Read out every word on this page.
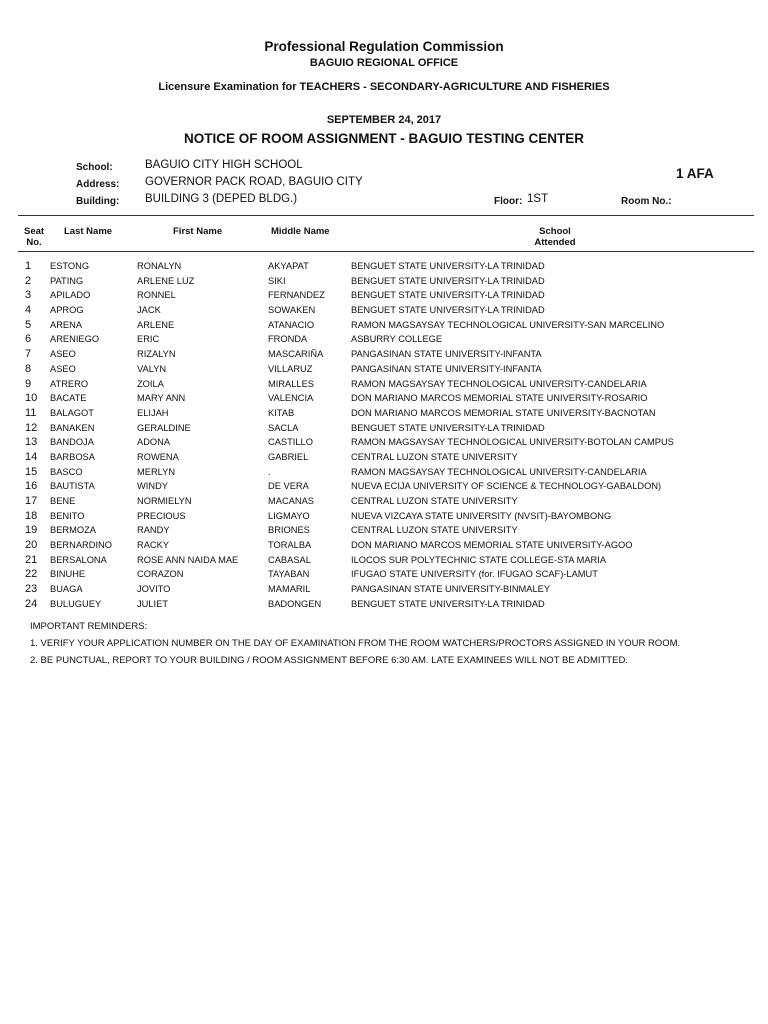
Professional Regulation Commission
BAGUIO REGIONAL OFFICE
Licensure Examination for TEACHERS - SECONDARY-AGRICULTURE AND FISHERIES
SEPTEMBER 24, 2017
NOTICE OF ROOM ASSIGNMENT - BAGUIO TESTING CENTER
School:	BAGUIO CITY HIGH SCHOOL
Address: GOVERNOR PACK ROAD, BAGUIO CITY
Building: BUILDING 3 (DEPED BLDG.)	Floor: 1ST	Room No.:
1 AFA
Seat
No.
Last Name	First Name	Middle Name	School
Attended
1 ESTONG	RONALYN	AKYAPAT	BENGUET STATE UNIVERSITY-LA TRINIDAD
2 PATING	ARLENE LUZ	SIKI	BENGUET STATE UNIVERSITY-LA TRINIDAD
3 APILADO	RONNEL	FERNANDEZ	BENGUET STATE UNIVERSITY-LA TRINIDAD
4 APROG	JACK	SOWAKEN	BENGUET STATE UNIVERSITY-LA TRINIDAD
5 ARENA	ARLENE	ATANACIO	RAMON MAGSAYSAY TECHNOLOGICAL UNIVERSITY-SAN MARCELINO
6 ARENIEGO	ERIC	FRONDA	ASBURRY COLLEGE
7 ASEO	RIZALYN	MASCARIÑA	PANGASINAN STATE UNIVERSITY-INFANTA
8 ASEO	VALYN	VILLARUZ	PANGASINAN STATE UNIVERSITY-INFANTA
9 ATRERO	ZOILA	MIRALLES	RAMON MAGSAYSAY TECHNOLOGICAL UNIVERSITY-CANDELARIA
10 BACATE	MARY ANN	VALENCIA	DON MARIANO MARCOS MEMORIAL STATE UNIVERSITY-ROSARIO
11 BALAGOT	ELIJAH	KITAB	DON MARIANO MARCOS MEMORIAL STATE UNIVERSITY-BACNOTAN
12 BANAKEN	GERALDINE	SACLA	BENGUET STATE UNIVERSITY-LA TRINIDAD
13 BANDOJA	ADONA	CASTILLO	RAMON MAGSAYSAY TECHNOLOGICAL UNIVERSITY-BOTOLAN CAMPUS
14 BARBOSA	ROWENA	GABRIEL	CENTRAL LUZON STATE UNIVERSITY
15 BASCO	MERLYN	.	RAMON MAGSAYSAY TECHNOLOGICAL UNIVERSITY-CANDELARIA
16 BAUTISTA	WINDY	DE VERA	NUEVA ECIJA UNIVERSITY OF SCIENCE & TECHNOLOGY-GABALDON)
17 BENE	NORMIELYN	MACANAS	CENTRAL LUZON STATE UNIVERSITY
18 BENITO	PRECIOUS	LIGMAYO	NUEVA VIZCAYA STATE UNIVERSITY (NVSIT)-BAYOMBONG
19 BERMOZA	RANDY	BRIONES	CENTRAL LUZON STATE UNIVERSITY
20 BERNARDINO	RACKY	TORALBA	DON MARIANO MARCOS MEMORIAL STATE UNIVERSITY-AGOO
21 BERSALONA	ROSE ANN NAIDA MAE	CABASAL	ILOCOS SUR POLYTECHNIC STATE COLLEGE-STA MARIA
22 BINUHE	CORAZON	TAYABAN	IFUGAO STATE UNIVERSITY (for. IFUGAO SCAF)-LAMUT
23 BUAGA	JOVITO	MAMARIL	PANGASINAN STATE UNIVERSITY-BINMALEY
24 BULUGUEY	JULIET	BADONGEN	BENGUET STATE UNIVERSITY-LA TRINIDAD
IMPORTANT REMINDERS:
1. VERIFY YOUR APPLICATION NUMBER ON THE DAY OF EXAMINATION FROM THE ROOM WATCHERS/PROCTORS ASSIGNED IN YOUR ROOM.
2. BE PUNCTUAL, REPORT TO YOUR BUILDING / ROOM ASSIGNMENT BEFORE 6:30 AM. LATE EXAMINEES WILL NOT BE ADMITTED.
